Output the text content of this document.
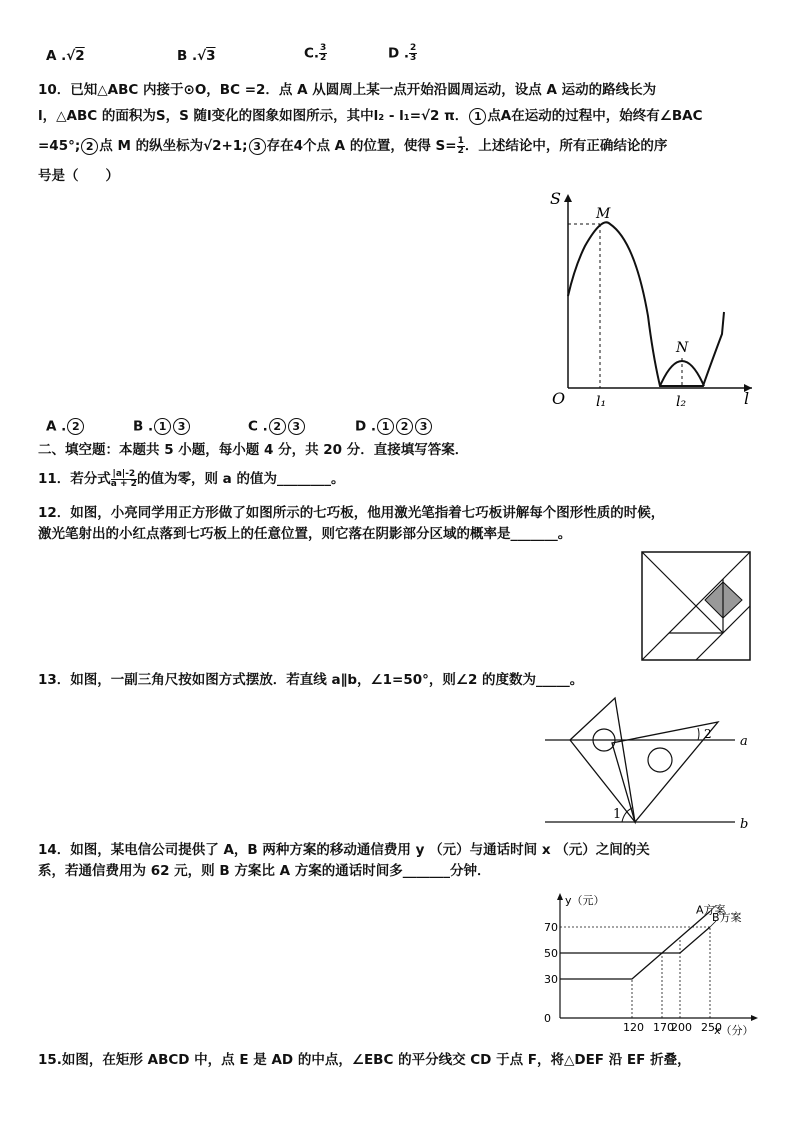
A .√2	B .√3	C. $\frac{3}{2}$	D . $\frac{2}{3}$
10．已知△ABC 内接于⊙O，BC =2．点 A 从圆周上某一点开始沿圆周运动，设点 A 运动的路线长为
l，△ABC 的面积为S，S 随l变化的图象如图所示，其中l₂ - l₁=√2 π． 1 点A在运动的过程中，始终有∠BAC
=45°; 2 点 M 的纵坐标为√2+1; 3 存在4个点 A 的位置，使得 $S= \frac{1}{2}$ ．上述结论中，所有正确结论的序
号是（　　）
S
M
N
O l₁	l₂	l
A . 2	B . 1 3	C . 2 3	D . 1 2 3
二、填空题：本题共 5 小题，每小题 4 分，共 20 分．直接填写答案．
11．若分式 $\frac{|a|-2}{a + 2}$ 的值为零，则 a 的值为________。
12．如图，小亮同学用正方形做了如图所示的七巧板，他用激光笔指着七巧板讲解每个图形性质的时候，
激光笔射出的小红点落到七巧板上的任意位置，则它落在阴影部分区域的概率是_______。
13．如图，一副三角尺按如图方式摆放．若直线 a∥b，∠1=50°，则∠2 的度数为_____。
a
b
1
2
14．如图，某电信公司提供了 A，B 两种方案的移动通信费用 y （元）与通话时间 x （元）之间的关
系，若通信费用为 62 元，则 B 方案比 A 方案的通话时间多_______分钟．
y（元）
x（分）
0
30
50
70
120 170
200 250
A方案
B方案
15.如图，在矩形 ABCD 中，点 E 是 AD 的中点，∠EBC 的平分线交 CD 于点 F，将△DEF 沿 EF 折叠，
